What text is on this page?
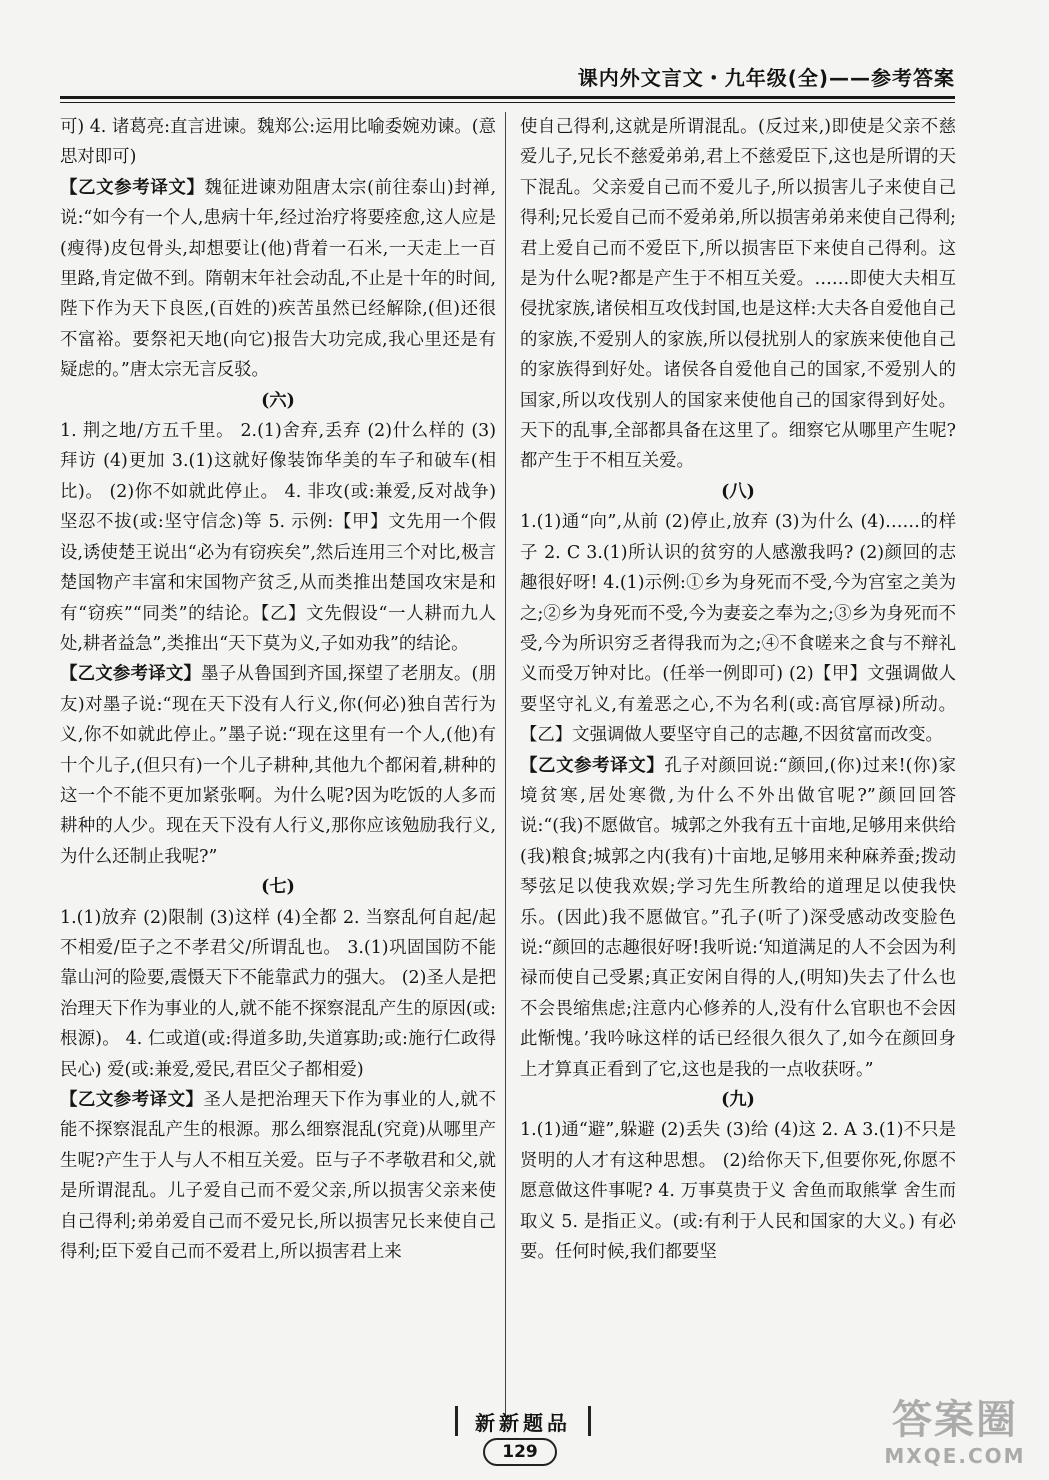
课内外文言文・九年级(全)——参考答案

可) 4. 诸葛亮:直言进谏。魏郑公:运用比喻委婉劝谏。(意思对即可)

【乙文参考译文】魏征进谏劝阻唐太宗(前往泰山)封禅,说:“如今有一个人,患病十年,经过治疗将要痊愈,这人应是(瘦得)皮包骨头,却想要让(他)背着一石米,一天走上一百里路,肯定做不到。隋朝末年社会动乱,不止是十年的时间,陛下作为天下良医,(百姓的)疾苦虽然已经解除,(但)还很不富裕。要祭祀天地(向它)报告大功完成,我心里还是有疑虑的。”唐太宗无言反驳。

(六)

1. 荆之地/方五千里。 2.(1)舍弃,丢弃 (2)什么样的 (3)拜访 (4)更加 3.(1)这就好像装饰华美的车子和破车(相比)。 (2)你不如就此停止。 4. 非攻(或:兼爱,反对战争) 坚忍不拔(或:坚守信念)等 5. 示例:【甲】文先用一个假设,诱使楚王说出“必为有窃疾矣”,然后连用三个对比,极言楚国物产丰富和宋国物产贫乏,从而类推出楚国攻宋是和有“窃疾”“同类”的结论。【乙】文先假设“一人耕而九人处,耕者益急”,类推出“天下莫为义,子如劝我”的结论。

【乙文参考译文】墨子从鲁国到齐国,探望了老朋友。(朋友)对墨子说:“现在天下没有人行义,你(何必)独自苦行为义,你不如就此停止。”墨子说:“现在这里有一个人,(他)有十个儿子,(但只有)一个儿子耕种,其他九个都闲着,耕种的这一个不能不更加紧张啊。为什么呢?因为吃饭的人多而耕种的人少。现在天下没有人行义,那你应该勉励我行义,为什么还制止我呢?”

(七)

1.(1)放弃 (2)限制 (3)这样 (4)全都 2. 当察乱何自起/起不相爱/臣子之不孝君父/所谓乱也。 3.(1)巩固国防不能靠山河的险要,震慑天下不能靠武力的强大。 (2)圣人是把治理天下作为事业的人,就不能不探察混乱产生的原因(或:根源)。 4. 仁或道(或:得道多助,失道寡助;或:施行仁政得民心) 爱(或:兼爱,爱民,君臣父子都相爱)

【乙文参考译文】圣人是把治理天下作为事业的人,就不能不探察混乱产生的根源。那么细察混乱(究竟)从哪里产生呢?产生于人与人不相互关爱。臣与子不孝敬君和父,就是所谓混乱。儿子爱自己而不爱父亲,所以损害父亲来使自己得利;弟弟爱自己而不爱兄长,所以损害兄长来使自己得利;臣下爱自己而不爱君上,所以损害君上来

使自己得利,这就是所谓混乱。(反过来,)即使是父亲不慈爱儿子,兄长不慈爱弟弟,君上不慈爱臣下,这也是所谓的天下混乱。父亲爱自己而不爱儿子,所以损害儿子来使自己得利;兄长爱自己而不爱弟弟,所以损害弟弟来使自己得利;君上爱自己而不爱臣下,所以损害臣下来使自己得利。这是为什么呢?都是产生于不相互关爱。……即使大夫相互侵扰家族,诸侯相互攻伐封国,也是这样:大夫各自爱他自己的家族,不爱别人的家族,所以侵扰别人的家族来使他自己的家族得到好处。诸侯各自爱他自己的国家,不爱别人的国家,所以攻伐别人的国家来使他自己的国家得到好处。天下的乱事,全部都具备在这里了。细察它从哪里产生呢?都产生于不相互关爱。

(八)

1.(1)通“向”,从前 (2)停止,放弃 (3)为什么 (4)……的样子 2. C 3.(1)所认识的贫穷的人感激我吗? (2)颜回的志趣很好呀! 4.(1)示例:①乡为身死而不受,今为宫室之美为之;②乡为身死而不受,今为妻妾之奉为之;③乡为身死而不受,今为所识穷乏者得我而为之;④不食嗟来之食与不辩礼义而受万钟对比。(任举一例即可) (2)【甲】文强调做人要坚守礼义,有羞恶之心,不为名利(或:高官厚禄)所动。【乙】文强调做人要坚守自己的志趣,不因贫富而改变。

【乙文参考译文】孔子对颜回说:“颜回,(你)过来!(你)家境贫寒,居处寒微,为什么不外出做官呢?”颜回回答说:“(我)不愿做官。城郭之外我有五十亩地,足够用来供给(我)粮食;城郭之内(我有)十亩地,足够用来种麻养蚕;拨动琴弦足以使我欢娱;学习先生所教给的道理足以使我快乐。(因此)我不愿做官。”孔子(听了)深受感动改变脸色说:“颜回的志趣很好呀!我听说:‘知道满足的人不会因为利禄而使自己受累;真正安闲自得的人,(明知)失去了什么也不会畏缩焦虑;注意内心修养的人,没有什么官职也不会因此惭愧。’我吟咏这样的话已经很久很久了,如今在颜回身上才算真正看到了它,这也是我的一点收获呀。”

(九)

1.(1)通“避”,躲避 (2)丢失 (3)给 (4)这 2. A 3.(1)不只是贤明的人才有这种思想。 (2)给你天下,但要你死,你愿不愿意做这件事呢? 4. 万事莫贵于义 舍鱼而取熊掌 舍生而取义 5. 是指正义。(或:有利于人民和国家的大义。) 有必要。任何时候,我们都要坚

新新题品
129
答案圈
MXQE.COM
